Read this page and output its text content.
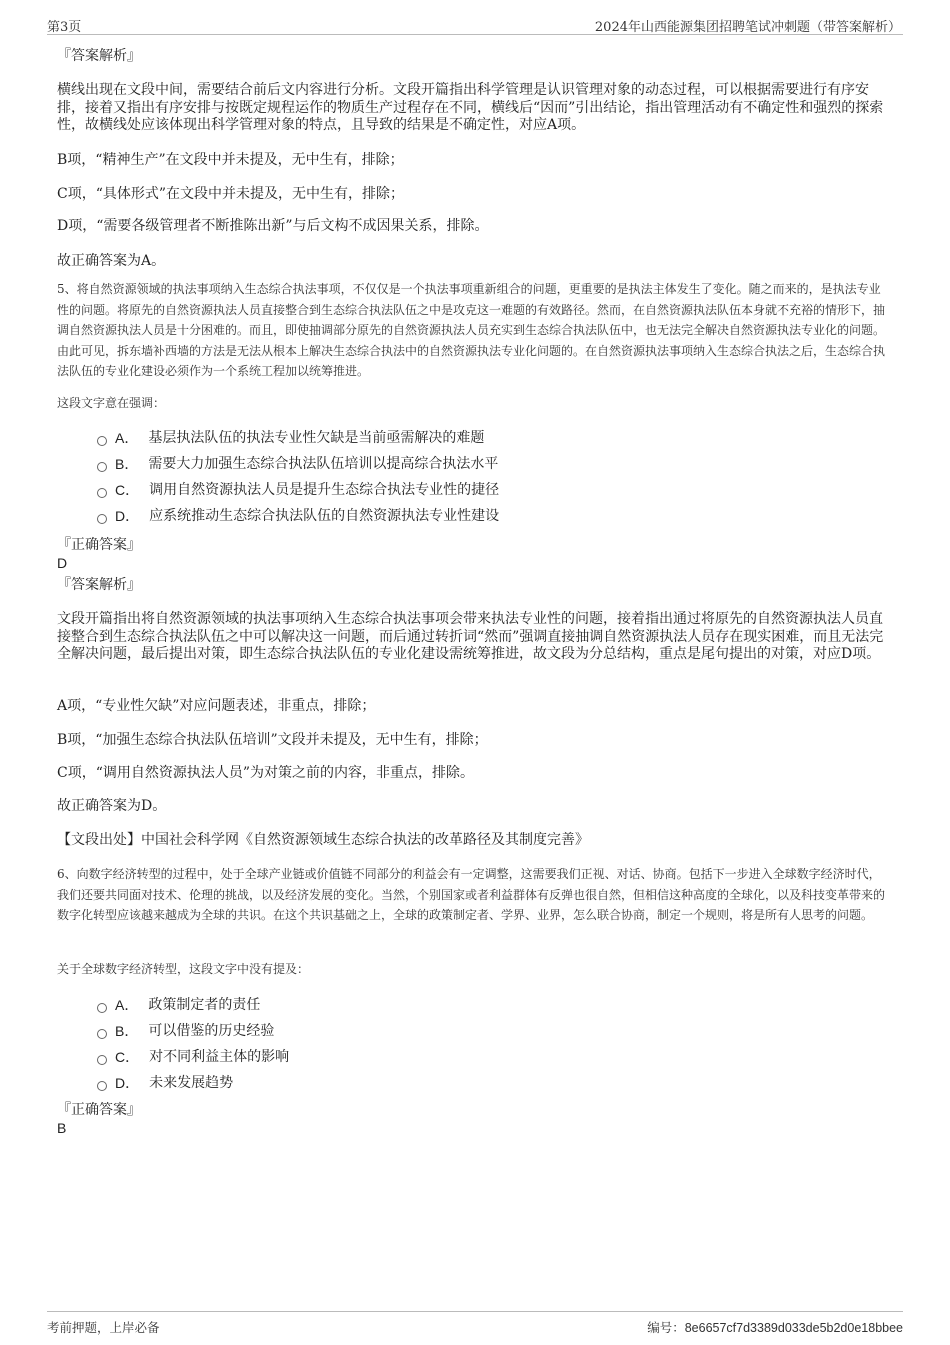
第3页	2024年山西能源集团招聘笔试冲刺题（带答案解析）
『答案解析』
横线出现在文段中间，需要结合前后文内容进行分析。文段开篇指出科学管理是认识管理对象的动态过程，可以根据需要进行有序安排，接着又指出有序安排与按既定规程运作的物质生产过程存在不同，横线后“因而”引出结论，指出管理活动有不确定性和强烈的探索性，故横线处应该体现出科学管理对象的特点，且导致的结果是不确定性，对应A项。
B项，“精神生产”在文段中并未提及，无中生有，排除；
C项，“具体形式”在文段中并未提及，无中生有，排除；
D项，“需要各级管理者不断推陈出新”与后文构不成因果关系，排除。
故正确答案为A。
5、将自然资源领域的执法事项纳入生态综合执法事项，不仅仅是一个执法事项重新组合的问题，更重要的是执法主体发生了变化。随之而来的，是执法专业性的问题。将原先的自然资源执法人员直接整合到生态综合执法队伍之中是攻克这一难题的有效路径。然而，在自然资源执法队伍本身就不充裕的情形下，抽调自然资源执法人员是十分困难的。而且，即使抽调部分原先的自然资源执法人员充实到生态综合执法队伍中，也无法完全解决自然资源执法专业化的问题。由此可见，拆东墙补西墙的方法是无法从根本上解决生态综合执法中的自然资源执法专业化问题的。在自然资源执法事项纳入生态综合执法之后，生态综合执法队伍的专业化建设必须作为一个系统工程加以统筹推进。
这段文字意在强调：
A． 基层执法队伍的执法专业性欠缺是当前亟需解决的难题
B． 需要大力加强生态综合执法队伍培训以提高综合执法水平
C． 调用自然资源执法人员是提升生态综合执法专业性的捷径
D． 应系统推动生态综合执法队伍的自然资源执法专业性建设
『正确答案』
D
『答案解析』
文段开篇指出将自然资源领域的执法事项纳入生态综合执法事项会带来执法专业性的问题，接着指出通过将原先的自然资源执法人员直接整合到生态综合执法队伍之中可以解决这一问题，而后通过转折词“然而”强调直接抽调自然资源执法人员存在现实困难，而且无法完全解决问题，最后提出对策，即生态综合执法队伍的专业化建设需统筹推进，故文段为分总结构，重点是尾句提出的对策，对应D项。
A项，“专业性欠缺”对应问题表述，非重点，排除；
B项，“加强生态综合执法队伍培训”文段并未提及，无中生有，排除；
C项，“调用自然资源执法人员”为对策之前的内容，非重点，排除。
故正确答案为D。
【文段出处】中国社会科学网《自然资源领域生态综合执法的改革路径及其制度完善》
6、向数字经济转型的过程中，处于全球产业链或价值链不同部分的利益会有一定调整，这需要我们正视、对话、协商。包括下一步进入全球数字经济时代，我们还要共同面对技术、伦理的挑战，以及经济发展的变化。当然，个别国家或者利益群体有反弹也很自然，但相信这种高度的全球化，以及科技变革带来的数字化转型应该越来越成为全球的共识。在这个共识基础之上，全球的政策制定者、学界、业界，怎么联合协商，制定一个规则，将是所有人思考的问题。
关于全球数字经济转型，这段文字中没有提及：
A． 政策制定者的责任
B． 可以借鉴的历史经验
C． 对不同利益主体的影响
D． 未来发展趋势
『正确答案』
B
考前押题，上岸必备	编号：8e6657cf7d3389d033de5b2d0e18bbee
